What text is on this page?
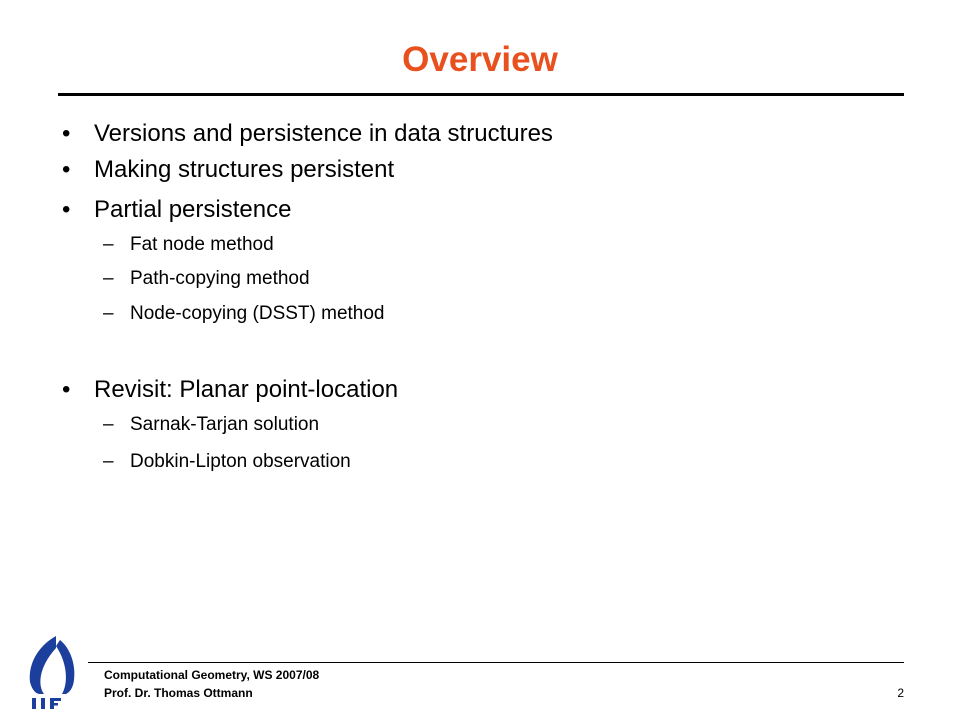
Overview
• Versions and persistence in data structures
• Making structures persistent
• Partial persistence
– Fat node method
– Path-copying method
– Node-copying (DSST) method
• Revisit: Planar point-location
– Sarnak-Tarjan solution
– Dobkin-Lipton observation
Computational Geometry, WS 2007/08
Prof. Dr. Thomas Ottmann	2
